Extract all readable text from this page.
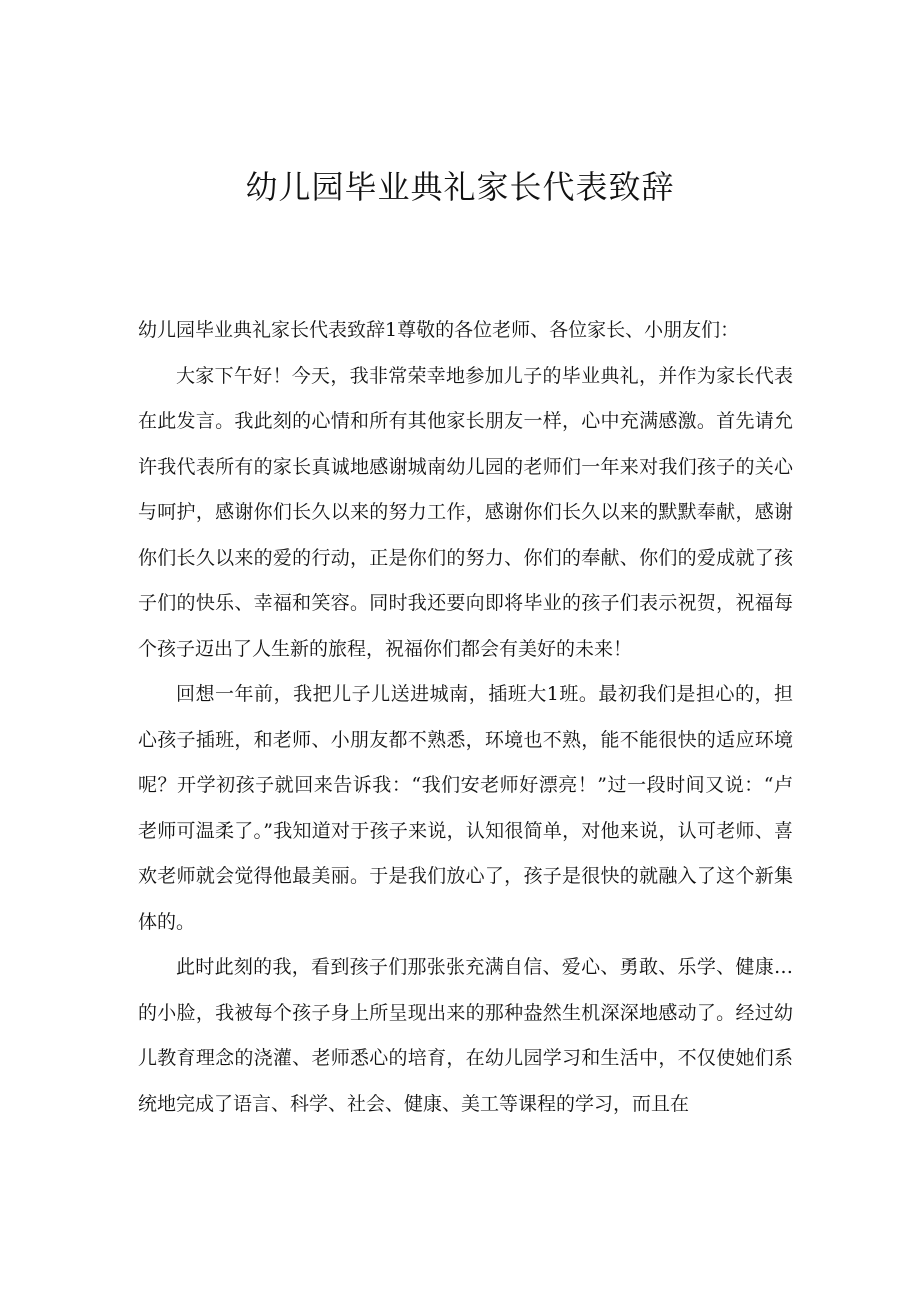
幼儿园毕业典礼家长代表致辞

幼儿园毕业典礼家长代表致辞1尊敬的各位老师、各位家长、小朋友们：

大家下午好！今天，我非常荣幸地参加儿子的毕业典礼，并作为家长代表在此发言。我此刻的心情和所有其他家长朋友一样，心中充满感激。首先请允许我代表所有的家长真诚地感谢城南幼儿园的老师们一年来对我们孩子的关心与呵护，感谢你们长久以来的努力工作，感谢你们长久以来的默默奉献，感谢你们长久以来的爱的行动，正是你们的努力、你们的奉献、你们的爱成就了孩子们的快乐、幸福和笑容。同时我还要向即将毕业的孩子们表示祝贺，祝福每个孩子迈出了人生新的旅程，祝福你们都会有美好的未来！

回想一年前，我把儿子儿送进城南，插班大1班。最初我们是担心的，担心孩子插班，和老师、小朋友都不熟悉，环境也不熟，能不能很快的适应环境呢？开学初孩子就回来告诉我：“我们安老师好漂亮！”过一段时间又说：“卢老师可温柔了。”我知道对于孩子来说，认知很简单，对他来说，认可老师、喜欢老师就会觉得他最美丽。于是我们放心了，孩子是很快的就融入了这个新集体的。

此时此刻的我，看到孩子们那张张充满自信、爱心、勇敢、乐学、健康…的小脸，我被每个孩子身上所呈现出来的那种盎然生机深深地感动了。经过幼儿教育理念的浇灌、老师悉心的培育，在幼儿园学习和生活中，不仅使她们系统地完成了语言、科学、社会、健康、美工等课程的学习，而且在
